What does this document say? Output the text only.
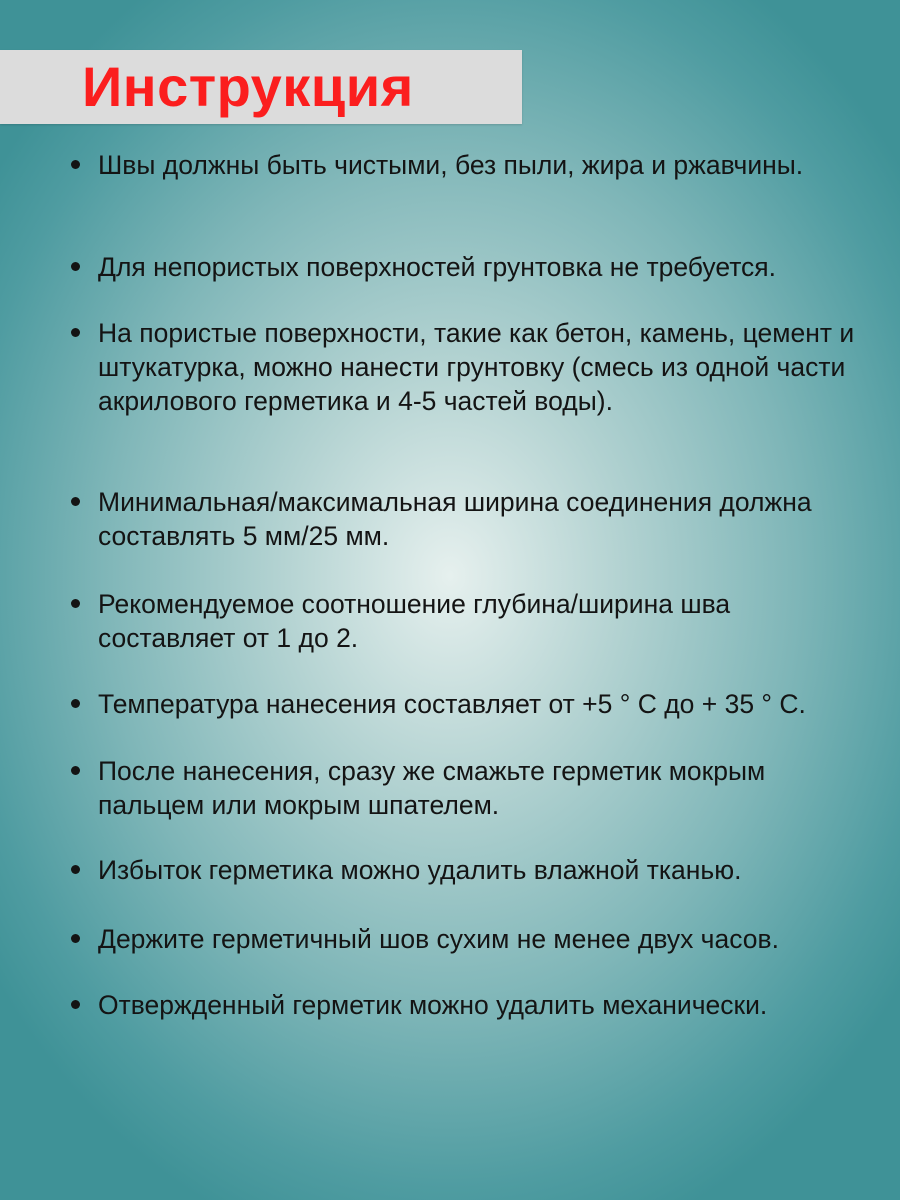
Инструкция
Швы должны быть чистыми, без пыли, жира и ржавчины.
Для непористых поверхностей грунтовка не требуется.
На пористые поверхности, такие как бетон, камень, цемент и штукатурка, можно нанести грунтовку (смесь из одной части акрилового герметика и 4-5 частей воды).
Минимальная/максимальная ширина соединения должна составлять 5 мм/25 мм.
Рекомендуемое соотношение глубина/ширина шва составляет от 1 до 2.
Температура нанесения составляет от +5 ° С до + 35 ° С.
После нанесения, сразу же смажьте герметик мокрым пальцем или мокрым шпателем.
Избыток герметика можно удалить влажной тканью.
Держите герметичный шов сухим не менее двух часов.
Отвержденный герметик можно удалить механически.
